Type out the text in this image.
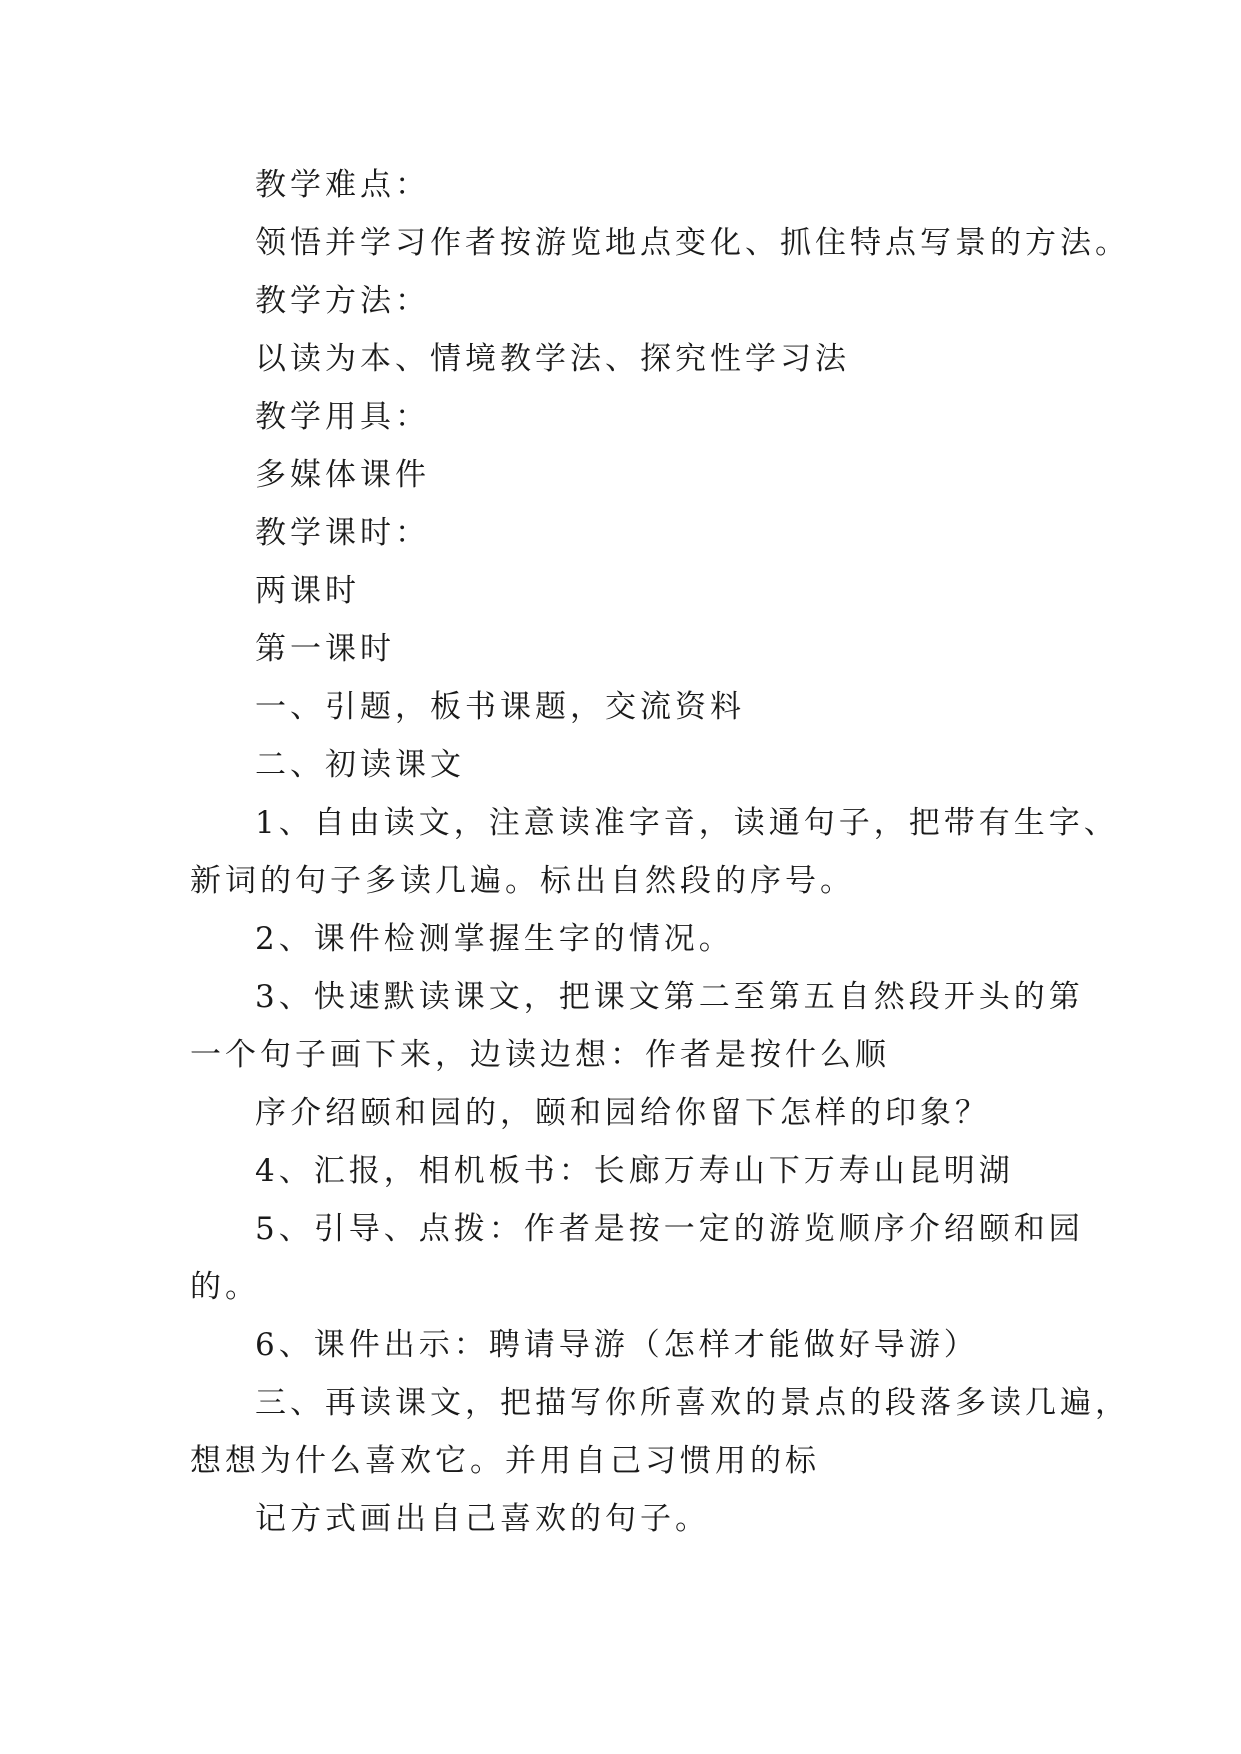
教学难点：

领悟并学习作者按游览地点变化、抓住特点写景的方法。

教学方法：

以读为本、情境教学法、探究性学习法

教学用具：

多媒体课件

教学课时：

两课时

第一课时

一、引题，板书课题，交流资料

二、初读课文

1、自由读文，注意读准字音，读通句子，把带有生字、

新词的句子多读几遍。标出自然段的序号。

2、课件检测掌握生字的情况。

3、快速默读课文，把课文第二至第五自然段开头的第

一个句子画下来，边读边想：作者是按什么顺

序介绍颐和园的，颐和园给你留下怎样的印象？

4、汇报，相机板书：长廊万寿山下万寿山昆明湖

5、引导、点拨：作者是按一定的游览顺序介绍颐和园

的。

6、课件出示：聘请导游（怎样才能做好导游）

三、再读课文，把描写你所喜欢的景点的段落多读几遍，

想想为什么喜欢它。并用自己习惯用的标

记方式画出自己喜欢的句子。
